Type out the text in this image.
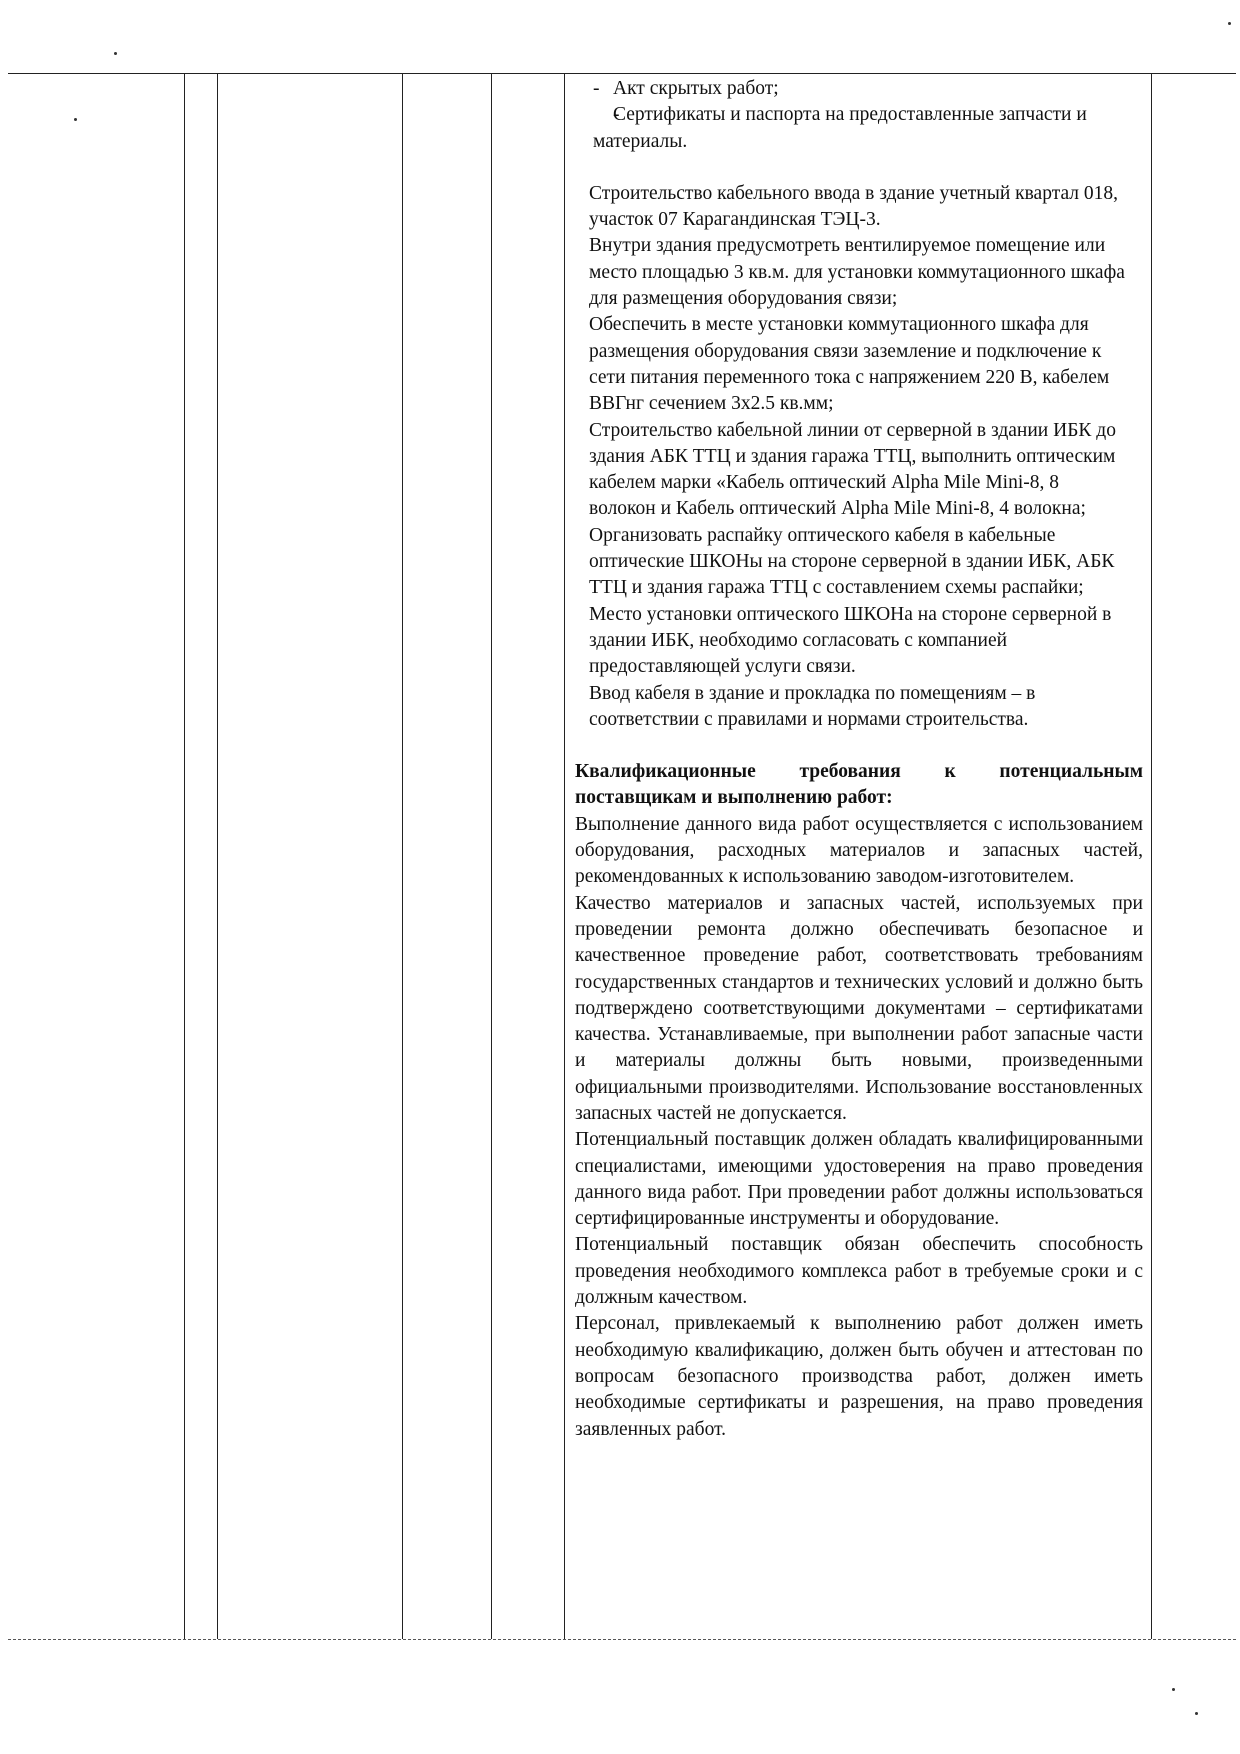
- Акт скрытых работ;
- Сертификаты и паспорта на предоставленные запчасти и материалы.

Строительство кабельного ввода в здание учетный квартал 018, участок 07 Карагандинская ТЭЦ-3.

Внутри здания предусмотреть вентилируемое помещение или место площадью 3 кв.м. для установки коммутационного шкафа для размещения оборудования связи;

Обеспечить в месте установки коммутационного шкафа для размещения оборудования связи заземление и подключение к сети питания переменного тока с напряжением 220 В, кабелем ВВГнг сечением 3х2.5 кв.мм;

Строительство кабельной линии от серверной в здании ИБК до здания АБК ТТЦ и здания гаража ТТЦ, выполнить оптическим кабелем марки «Кабель оптический Alpha Mile Mini-8, 8 волокон и Кабель оптический Alpha Mile Mini-8, 4 волокна;

Организовать распайку оптического кабеля в кабельные оптические ШКОНы на стороне серверной в здании ИБК, АБК ТТЦ и здания гаража ТТЦ с составлением схемы распайки;

Место установки оптического ШКОНа на стороне серверной в здании ИБК, необходимо согласовать с компанией предоставляющей услуги связи.

Ввод кабеля в здание и прокладка по помещениям – в соответствии с правилами и нормами строительства.

Квалификационные требования к потенциальным поставщикам и выполнению работ:

Выполнение данного вида работ осуществляется с использованием оборудования, расходных материалов и запасных частей, рекомендованных к использованию заводом-изготовителем.

Качество материалов и запасных частей, используемых при проведении ремонта должно обеспечивать безопасное и качественное проведение работ, соответствовать требованиям государственных стандартов и технических условий и должно быть подтверждено соответствующими документами – сертификатами качества. Устанавливаемые, при выполнении работ запасные части и материалы должны быть новыми, произведенными официальными производителями. Использование восстановленных запасных частей не допускается.

Потенциальный поставщик должен обладать квалифицированными специалистами, имеющими удостоверения на право проведения данного вида работ. При проведении работ должны использоваться сертифицированные инструменты и оборудование.

Потенциальный поставщик обязан обеспечить способность проведения необходимого комплекса работ в требуемые сроки и с должным качеством.

Персонал, привлекаемый к выполнению работ должен иметь необходимую квалификацию, должен быть обучен и аттестован по вопросам безопасного производства работ, должен иметь необходимые сертификаты и разрешения, на право проведения заявленных работ.
